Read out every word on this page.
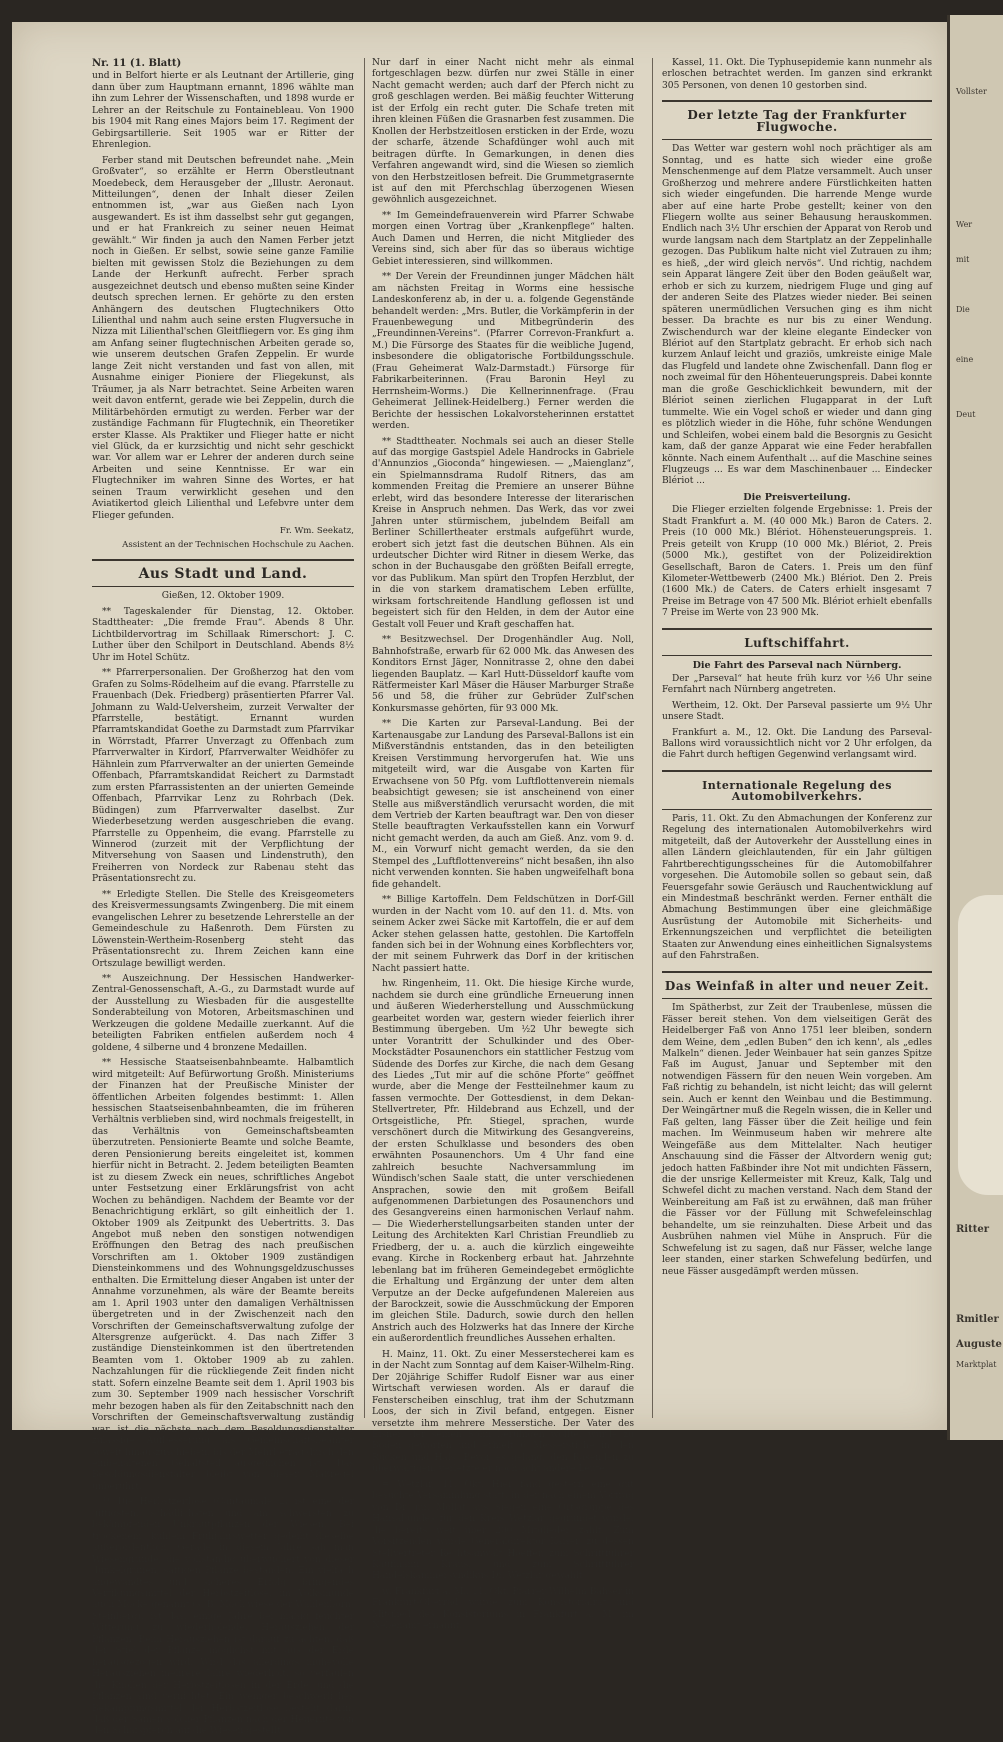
Nr. 11 (1. Blatt)

und in Belfort hierte er als Leutnant der Artillerie, ging dann über zum Hauptmann ernannt, 1896 wählte man ihn zum Lehrer der Wissenschaften, und 1898 wurde er Lehrer an der Reitschule zu Fontainebleau. Von 1900 bis 1904 mit Rang eines Majors beim 17. Regiment der Gebirgsartillerie. Seit 1905 war er Ritter der Ehrenlegion.

Ferber stand mit Deutschen befreundet nahe. „Mein Großvater“, so erzählte er Herrn Oberstleutnant Moedebeck, dem Herausgeber der „Illustr. Aeronaut. Mitteilungen“, denen der Inhalt dieser Zeilen entnommen ist, „war aus Gießen nach Lyon ausgewandert. Es ist ihm dasselbst sehr gut gegangen, und er hat Frankreich zu seiner neuen Heimat gewählt.“ Wir finden ja auch den Namen Ferber jetzt noch in Gießen. Er selbst, sowie seine ganze Familie bielten mit gewissen Stolz die Beziehungen zu dem Lande der Herkunft aufrecht. Ferber sprach ausgezeichnet deutsch und ebenso mußten seine Kinder deutsch sprechen lernen. Er gehörte zu den ersten Anhängern des deutschen Flugtechnikers Otto Lilienthal und nahm auch seine ersten Flugversuche in Nizza mit Lilienthal'schen Gleitfliegern vor. Es ging ihm am Anfang seiner flugtechnischen Arbeiten gerade so, wie unserem deutschen Grafen Zeppelin. Er wurde lange Zeit nicht verstanden und fast von allen, mit Ausnahme einiger Pioniere der Fliegekunst, als Träumer, ja als Narr betrachtet. Seine Arbeiten waren weit davon entfernt, gerade wie bei Zeppelin, durch die Militärbehörden ermutigt zu werden. Ferber war der zuständige Fachmann für Flugtechnik, ein Theoretiker erster Klasse. Als Praktiker und Flieger hatte er nicht viel Glück, da er kurzsichtig und nicht sehr geschickt war. Vor allem war er Lehrer der anderen durch seine Arbeiten und seine Kenntnisse. Er war ein Flugtechniker im wahren Sinne des Wortes, er hat seinen Traum verwirklicht gesehen und den Aviatikertod gleich Lilienthal und Lefebvre unter dem Flieger gefunden.

Fr. Wm. Seekatz,
Assistent an der Technischen Hochschule zu Aachen.
Aus Stadt und Land.
Gießen, 12. Oktober 1909.

** Tageskalender für Dienstag, 12. Oktober. Stadttheater: „Die fremde Frau“. Abends 8 Uhr. Lichtbildervortrag im Schillaak Rimerschort: J. C. Luther über den Schilport in Deutschland. Abends 8½ Uhr im Hotel Schütz.

** Pfarrerpersonalien. Der Großherzog hat den vom Grafen zu Solms-Rödelheim auf die evang. Pfarrstelle zu Frauenbach (Dek. Friedberg) präsentierten Pfarrer Val. Johmann zu Wald-Uelversheim, zurzeit Verwalter der Pfarrstelle, bestätigt. Ernannt wurden Pfarramtskandidat Goethe zu Darmstadt zum Pfarrvikar in Wörrstadt, Pfarrer Unverzagt zu Offenbach zum Pfarrverwalter in Kirdorf, Pfarrverwalter Weidhöfer zu Hähnlein zum Pfarrverwalter an der unierten Gemeinde Offenbach, Pfarramtskandidat Reichert zu Darmstadt zum ersten Pfarrassistenten an der unierten Gemeinde Offenbach, Pfarrvikar Lenz zu Rohrbach (Dek. Büdingen) zum Pfarrverwalter daselbst. Zur Wiederbesetzung werden ausgeschrieben die evang. Pfarrstelle zu Oppenheim, die evang. Pfarrstelle zu Winnerod (zurzeit mit der Verpflichtung der Mitversehung von Saasen und Lindenstruth), den Freiherren von Nordeck zur Rabenau steht das Präsentationsrecht zu.

** Erledigte Stellen. Die Stelle des Kreisgeometers des Kreisvermessungsamts Zwingenberg. Die mit einem evangelischen Lehrer zu besetzende Lehrerstelle an der Gemeindeschule zu Haßenroth. Dem Fürsten zu Löwenstein-Wertheim-Rosenberg steht das Präsentationsrecht zu. Ihrem Zeichen kann eine Ortszulage bewilligt werden.

** Auszeichnung. Der Hessischen Handwerker-Zentral-Genossenschaft, A.-G., zu Darmstadt wurde auf der Ausstellung zu Wiesbaden für die ausgestellte Sonderabteilung von Motoren, Arbeitsmaschinen und Werkzeugen die goldene Medaille zuerkannt. Auf die beteiligten Fabriken entfielen außerdem noch 4 goldene, 4 silberne und 4 bronzene Medaillen.

** Hessische Staatseisenbahnbeamte. Halbamtlich wird mitgeteilt: Auf Befürwortung Großh. Ministeriums der Finanzen hat der Preußische Minister der öffentlichen Arbeiten folgendes bestimmt: 1. Allen hessischen Staatseisenbahnbeamten, die im früheren Verhältnis verblieben sind, wird nochmals freigestellt, in das Verhältnis von Gemeinschaftsbeamten überzutreten. Pensionierte Beamte und solche Beamte, deren Pensionierung bereits eingeleitet ist, kommen hierfür nicht in Betracht. 2. Jedem beteiligten Beamten ist zu diesem Zweck ein neues, schriftliches Angebot unter Festsetzung einer Erklärungsfrist von acht Wochen zu behändigen. Nachdem der Beamte vor der Benachrichtigung erklärt, so gilt einheitlich der 1. Oktober 1909 als Zeitpunkt des Uebertritts. 3. Das Angebot muß neben den sonstigen notwendigen Eröffnungen den Betrag des nach preußischen Vorschriften am 1. Oktober 1909 zuständigen Diensteinkommens und des Wohnungsgeldzuschusses enthalten. Die Ermittelung dieser Angaben ist unter der Annahme vorzunehmen, als wäre der Beamte bereits am 1. April 1903 unter den damaligen Verhältnissen übergetreten und in der Zwischenzeit nach den Vorschriften der Gemeinschaftsverwaltung zufolge der Altersgrenze aufgerückt. 4. Das nach Ziffer 3 zuständige Diensteinkommen ist den übertretenden Beamten vom 1. Oktober 1909 ab zu zahlen. Nachzahlungen für die rückliegende Zeit finden nicht statt. Sofern einzelne Beamte seit dem 1. April 1903 bis zum 30. September 1909 nach hessischer Vorschrift mehr bezogen haben als für den Zeitabschnitt nach den Vorschriften der Gemeinschaftsverwaltung zuständig war, ist die nächste nach dem Besoldungsdienstalter zulässige Aufbesserung als Gemeinschaftsbeamter soweit hinauszuschieben, bis der Mehrbetrag durch den einbehaltenen Gehaltsteil ausgeglichen ist. Das Besoldungsdienstalter bleibt von dieser Maßregel unberührt.

** Die Herbstzeitlose (Cantaumale 2) ist eine der giftigsten, schädlichsten und am schwersten zu bekämpfenden Unkrautpflanzen der Wiesen. Bei trockenem, kühlem Frühjahrswetter gedeiht dieselbe außerordentlich. Gerade in diesem Jahre sah man Wiesengründe, die vollständig überwuchert von dieser dunkelgrünen, saftigen Pflanze bestanden. Ein vielfach angewandtes und sicheres Erfolg bringendes Vertilgungsmittel der Herbstzeitlose, im Volksmunde auch Mocke genannt (s. B. Mock'wiese der Wahlenborn-Steinberg), ist das, einige Jahre bei mäßig feuchter Witterung zu wiederholende, Herausziehen der Pflanzen. Beim Herausziehen ist darauf zu achten, daß der Stiel der Pflanze möglichst mit aus der Erde herausgezogen wird. Wird das allerdings mühevolle Herausziehen mehrere Jahre wiederholt, so verfaulen die Knollen der Herbstzeitlosen in der Erde, und die Pflanzen sind vernichtet. Ein weniger beschwerliches Bekämpfungsmittel der Herbstzeitlose besteht darin, daß der Samen solcher Pflanzen nach der Heuernte von den Schafspferch auf die Wiesen gestellt.

Nur darf in einer Nacht nicht mehr als einmal fortgeschlagen bezw. dürfen nur zwei Ställe in einer Nacht gemacht werden; auch darf der Pferch nicht zu groß geschlagen werden. Bei mäßig feuchter Witterung ist der Erfolg ein recht guter. Die Schafe treten mit ihren kleinen Füßen die Grasnarben fest zusammen. Die Knollen der Herbstzeitlosen ersticken in der Erde, wozu der scharfe, ätzende Schafdünger wohl auch mit beitragen dürfte. In Gemarkungen, in denen dies Verfahren angewandt wird, sind die Wiesen so ziemlich von den Herbstzeitlosen befreit. Die Grummetgrasernte ist auf den mit Pferchschlag überzogenen Wiesen gewöhnlich ausgezeichnet.

** Im Gemeindefrauenverein wird Pfarrer Schwabe morgen einen Vortrag über „Krankenpflege“ halten. Auch Damen und Herren, die nicht Mitglieder des Vereins sind, sich aber für das so überaus wichtige Gebiet interessieren, sind willkommen.

** Der Verein der Freundinnen junger Mädchen hält am nächsten Freitag in Worms eine hessische Landeskonferenz ab, in der u. a. folgende Gegenstände behandelt werden: „Mrs. Butler, die Vorkämpferin in der Frauenbewegung und Mitbegründerin des „Freundinnen-Vereins“. (Pfarrer Correvon-Frankfurt a. M.) Die Fürsorge des Staates für die weibliche Jugend, insbesondere die obligatorische Fortbildungsschule. (Frau Geheimerat Walz-Darmstadt.) Fürsorge für Fabrikarbeiterinnen. (Frau Baronin Heyl zu Herrnsheim-Worms.) Die Kellnerinnenfrage. (Frau Geheimerat Jellinek-Heidelberg.) Ferner werden die Berichte der hessischen Lokalvorsteherinnen erstattet werden.

** Stadttheater. Nochmals sei auch an dieser Stelle auf das morgige Gastspiel Adele Handrocks in Gabriele d'Annunzios „Gioconda“ hingewiesen. — „Maienglanz“, ein Spielmannsdrama Rudolf Ritners, das am kommenden Freitag die Premiere an unserer Bühne erlebt, wird das besondere Interesse der literarischen Kreise in Anspruch nehmen. Das Werk, das vor zwei Jahren unter stürmischem, jubelndem Beifall am Berliner Schillertheater erstmals aufgeführt wurde, erobert sich jetzt fast die deutschen Bühnen. Als ein urdeutscher Dichter wird Ritner in diesem Werke, das schon in der Buchausgabe den größten Beifall erregte, vor das Publikum. Man spürt den Tropfen Herzblut, der in die von starkem dramatischem Leben erfüllte, wirksam fortschreitende Handlung geflossen ist und begeistert sich für den Helden, in dem der Autor eine Gestalt voll Feuer und Kraft geschaffen hat.

** Besitzwechsel. Der Drogenhändler Aug. Noll, Bahnhofstraße, erwarb für 62 000 Mk. das Anwesen des Konditors Ernst Jäger, Nonnitrasse 2, ohne den dabei liegenden Bauplatz. — Karl Hutt-Düsseldorf kaufte vom Rätfermeister Karl Mäser die Häuser Marburger Straße 56 und 58, die früher zur Gebrüder Zulf'schen Konkursmasse gehörten, für 93 000 Mk.

** Die Karten zur Parseval-Landung. Bei der Kartenausgabe zur Landung des Parseval-Ballons ist ein Mißverständnis entstanden, das in den beteiligten Kreisen Verstimmung hervorgerufen hat. Wie uns mitgeteilt wird, war die Ausgabe von Karten für Erwachsene von 50 Pfg. vom Luftflottenverein niemals beabsichtigt gewesen; sie ist anscheinend von einer Stelle aus mißverständlich verursacht worden, die mit dem Vertrieb der Karten beauftragt war. Den von dieser Stelle beauftragten Verkaufsstellen kann ein Vorwurf nicht gemacht werden, da auch am Gieß. Anz. vom 9. d. M., ein Vorwurf nicht gemacht werden, da sie den Stempel des „Luftflottenvereins“ nicht besaßen, ihn also nicht verwenden konnten. Sie haben ungweifelhaft bona fide gehandelt.

** Billige Kartoffeln. Dem Feldschützen in Dorf-Gill wurden in der Nacht vom 10. auf den 11. d. Mts. von seinem Acker zwei Säcke mit Kartoffeln, die er auf dem Acker stehen gelassen hatte, gestohlen. Die Kartoffeln fanden sich bei in der Wohnung eines Korbflechters vor, der mit seinem Fuhrwerk das Dorf in der kritischen Nacht passiert hatte.

hw. Ringenheim, 11. Okt. Die hiesige Kirche wurde, nachdem sie durch eine gründliche Erneuerung innen und äußeren Wiederherstellung und Ausschmückung gearbeitet worden war, gestern wieder feierlich ihrer Bestimmung übergeben. Um ½2 Uhr bewegte sich unter Vorantritt der Schulkinder und des Ober-Mockstädter Posaunenchors ein stattlicher Festzug vom Südende des Dorfes zur Kirche, die nach dem Gesang des Liedes „Tut mir auf die schöne Pforte“ geöffnet wurde, aber die Menge der Festteilnehmer kaum zu fassen vermochte. Der Gottesdienst, in dem Dekan-Stellvertreter, Pfr. Hildebrand aus Echzell, und der Ortsgeistliche, Pfr. Stiegel, sprachen, wurde verschönert durch die Mitwirkung des Gesangvereins, der ersten Schulklasse und besonders des oben erwähnten Posaunenchors. Um 4 Uhr fand eine zahlreich besuchte Nachversammlung im Wündisch'schen Saale statt, die unter verschiedenen Ansprachen, sowie den mit großem Beifall aufgenommenen Darbietungen des Posaunenchors und des Gesangvereins einen harmonischen Verlauf nahm. — Die Wiederherstellungsarbeiten standen unter der Leitung des Architekten Karl Christian Freundlieb zu Friedberg, der u. a. auch die kürzlich eingeweihte evang. Kirche in Rockenberg erbaut hat. Jahrzehnte lebenlang bat im früheren Gemeindegebet ermöglichte die Erhaltung und Ergänzung der unter dem alten Verputze an der Decke aufgefundenen Malereien aus der Barockzeit, sowie die Ausschmückung der Emporen im gleichen Stile. Dadurch, sowie durch den hellen Anstrich auch des Holzwerks hat das Innere der Kirche ein außerordentlich freundliches Aussehen erhalten.

H. Mainz, 11. Okt. Zu einer Messerstecherei kam es in der Nacht zum Sonntag auf dem Kaiser-Wilhelm-Ring. Der 20jährige Schiffer Rudolf Eisner war aus einer Wirtschaft verwiesen worden. Als er darauf die Fensterscheiben einschlug, trat ihm der Schutzmann Loos, der sich in Zivil befand, entgegen. Eisner versetzte ihm mehrere Messerstiche. Der Vater des Eisner, der seinen Sohn beruhigen wollte, wurde zu Boden geworfen und erhielt 6 Messerstiche in den Rücken und Hals. Bevor es gelang, den Rasenden zu überwältigen, verletzte er noch acht andere Leute.

= Wetzlar, 11. Okt. Hier fand gestern eine gut besuchte Versammlung statt, in der nach einem Vortrag von Dr. jur. Mollat aus Siegen eine Ortsgruppe des Hansabundes für den Kreis Wetzlar gegründet wurde, die bereits weit über 200 Mitglieder zählt. Zum Vorsitzenden wurde Generaldirektor Kaiser, zu dessen Stellvertreter Rechtsanwalt Hoeffer, zum Schriftführer Kaufmann Kraus, und zum Schriftführer Handelskammersyndikus Dr. Wetzlar gewählt.

w. Frankfurt a. M., 11. Okt. Pfarrer Wilhelm Bahser in Frankfurt-Oberrad wurde zum Konsistorialrat und Mitglied des Konsistoriums in Frankfurt a. M. im Nebenamt ernannt.

Kassel, 11. Okt. Die Typhusepidemie kann nunmehr als erloschen betrachtet werden. Im ganzen sind erkrankt 305 Personen, von denen 10 gestorben sind.

Der letzte Tag der Frankfurter Flugwoche.

Das Wetter war gestern wohl noch prächtiger als am Sonntag, und es hatte sich wieder eine große Menschenmenge auf dem Platze versammelt. Auch unser Großherzog und mehrere andere Fürstlichkeiten hatten sich wieder eingefunden. Die harrende Menge wurde aber auf eine harte Probe gestellt; keiner von den Fliegern wollte aus seiner Behausung herauskommen. Endlich nach 3½ Uhr erschien der Apparat von Rerob und wurde langsam nach dem Startplatz an der Zeppelinhalle gezogen. Das Publikum halte nicht viel Zutrauen zu ihm; es hieß, „der wird gleich nervös“. Und richtig, nachdem sein Apparat längere Zeit über den Boden geäußelt war, erhob er sich zu kurzem, niedrigem Fluge und ging auf der anderen Seite des Platzes wieder nieder. Bei seinen späteren unermüdlichen Versuchen ging es ihm nicht besser. Da brachte es nur bis zu einer Wendung. Zwischendurch war der kleine elegante Eindecker von Blériot auf den Startplatz gebracht. Er erhob sich nach kurzem Anlauf leicht und graziös, umkreiste einige Male das Flugfeld und landete ohne Zwischenfall. Dann flog er noch zweimal für den Höhenteuerungspreis. Dabei konnte man die große Geschicklichkeit bewundern, mit der Blériot seinen zierlichen Flugapparat in der Luft tummelte. Wie ein Vogel schoß er wieder und dann ging es plötzlich wieder in die Höhe, fuhr schöne Wendungen und Schleifen, wobei einem bald die Besorgnis zu Gesicht kam, daß der ganze Apparat wie eine Feder herabfallen könnte. Nach einem Aufenthalt ... auf die Maschine seines Flugzeugs ... Es war dem Maschinenbauer ... Eindecker Blériot ...

Die Preisverteilung.

Die Flieger erzielten folgende Ergebnisse: 1. Preis der Stadt Frankfurt a. M. (40 000 Mk.) Baron de Caters. 2. Preis (10 000 Mk.) Blériot. Höhensteuerungspreis. 1. Preis geteilt von Krupp (10 000 Mk.) Blériot, 2. Preis (5000 Mk.), gestiftet von der Polizeidirektion Gesellschaft, Baron de Caters. 1. Preis um den fünf Kilometer-Wettbewerb (2400 Mk.) Blériot. Den 2. Preis (1600 Mk.) de Caters. de Caters erhielt insgesamt 7 Preise im Betrage von 47 500 Mk. Blériot erhielt ebenfalls 7 Preise im Werte von 23 900 Mk.

Luftschiffahrt.
Die Fahrt des Parseval nach Nürnberg.

Der „Parseval“ hat heute früh kurz vor ½6 Uhr seine Fernfahrt nach Nürnberg angetreten.

Wertheim, 12. Okt. Der Parseval passierte um 9½ Uhr unsere Stadt.

Frankfurt a. M., 12. Okt. Die Landung des Parseval-Ballons wird voraussichtlich nicht vor 2 Uhr erfolgen, da die Fahrt durch heftigen Gegenwind verlangsamt wird.

Internationale Regelung des Automobilverkehrs.

Paris, 11. Okt. Zu den Abmachungen der Konferenz zur Regelung des internationalen Automobilverkehrs wird mitgeteilt, daß der Autoverkehr der Ausstellung eines in allen Ländern gleichlautenden, für ein Jahr gültigen Fahrtberechtigungsscheines für die Automobilfahrer vorgesehen. Die Automobile sollen so gebaut sein, daß Feuersgefahr sowie Geräusch und Rauchentwicklung auf ein Mindestmaß beschränkt werden. Ferner enthält die Abmachung Bestimmungen über eine gleichmäßige Ausrüstung der Automobile mit Sicherheits- und Erkennungszeichen und verpflichtet die beteiligten Staaten zur Anwendung eines einheitlichen Signalsystems auf den Fahrstraßen.

Das Weinfaß in alter und neuer Zeit.

Im Spätherbst, zur Zeit der Traubenlese, müssen die Fässer bereit stehen. Von dem vielseitigen Gerät des Heidelberger Faß von Anno 1751 leer bleiben, sondern dem Weine, dem „edlen Buben“ den ich kenn', als „edles Malkeln“ dienen. Jeder Weinbauer hat sein ganzes Spitze Faß im August, Januar und September mit den notwendigen Fässern für den neuen Wein vorgeben. Am Faß richtig zu behandeln, ist nicht leicht; das will gelernt sein. Auch er kennt den Weinbau und die Bestimmung. Der Weingärtner muß die Regeln wissen, die in Keller und Faß gelten, lang Fässer über die Zeit heilige und fein machen. Im Weinmuseum haben wir mehrere alte Weingefäße aus dem Mittelalter. Nach heutiger Anschauung sind die Fässer der Altvordern wenig gut; jedoch hatten Faßbinder ihre Not mit undichten Fässern, die der unsrige Kellermeister mit Kreuz, Kalk, Talg und Schwefel dicht zu machen verstand. Nach dem Stand der Weinbereitung am Faß ist zu erwähnen, daß man früher die Fässer vor der Füllung mit Schwefeleinschlag behandelte, um sie reinzuhalten. Diese Arbeit und das Ausbrühen nahmen viel Mühe in Anspruch. Für die Schwefelung ist zu sagen, daß nur Fässer, welche lange leer standen, einer starken Schwefelung bedürfen, und neue Fässer ausgedämpft werden müssen.

Vollster
Wer
mit
Die
eine
Deut
Ritter
Rmitler
Auguste
Marktplat
